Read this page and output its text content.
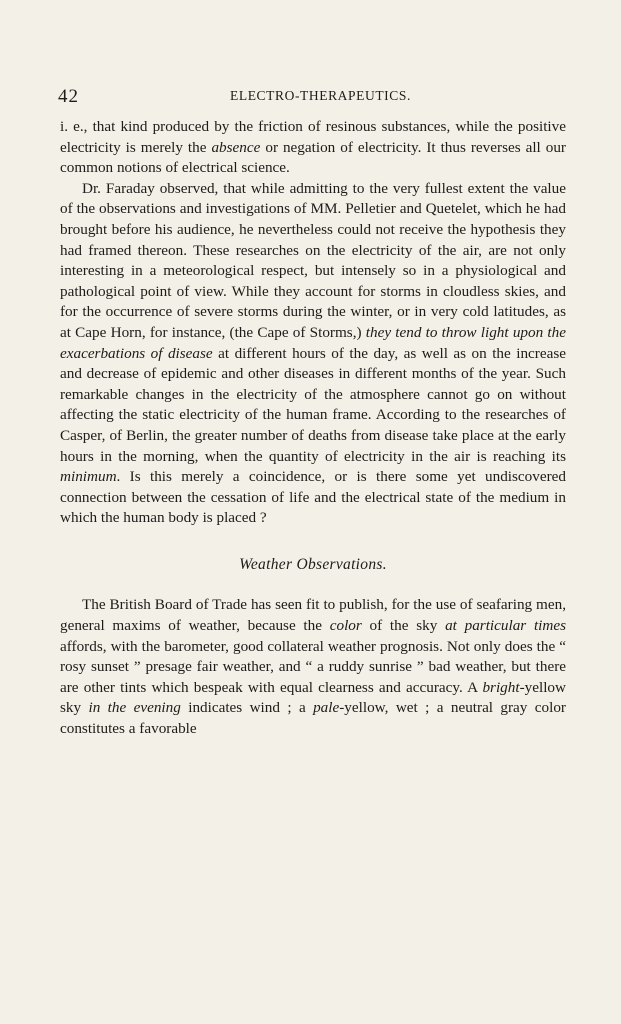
42	ELECTRO-THERAPEUTICS.

i. e., that kind produced by the friction of resinous substances, while the positive electricity is merely the absence or negation of electricity. It thus reverses all our common notions of electrical science.

Dr. Faraday observed, that while admitting to the very fullest extent the value of the observations and investigations of MM. Pelletier and Quetelet, which he had brought before his audience, he nevertheless could not receive the hypothesis they had framed thereon. These researches on the electricity of the air, are not only interesting in a meteorological respect, but intensely so in a physiological and pathological point of view. While they account for storms in cloudless skies, and for the occurrence of severe storms during the winter, or in very cold latitudes, as at Cape Horn, for instance, (the Cape of Storms,) they tend to throw light upon the exacerbations of disease at different hours of the day, as well as on the increase and decrease of epidemic and other diseases in different months of the year. Such remarkable changes in the electricity of the atmosphere cannot go on without affecting the static electricity of the human frame. According to the researches of Casper, of Berlin, the greater number of deaths from disease take place at the early hours in the morning, when the quantity of electricity in the air is reaching its minimum. Is this merely a coincidence, or is there some yet undiscovered connection between the cessation of life and the electrical state of the medium in which the human body is placed ?

Weather Observations.

The British Board of Trade has seen fit to publish, for the use of seafaring men, general maxims of weather, because the color of the sky at particular times affords, with the barometer, good collateral weather prognosis. Not only does the “ rosy sunset ” presage fair weather, and “ a ruddy sunrise ” bad weather, but there are other tints which bespeak with equal clearness and accuracy. A bright-yellow sky in the evening indicates wind ; a pale-yellow, wet ; a neutral gray color constitutes a favorable
